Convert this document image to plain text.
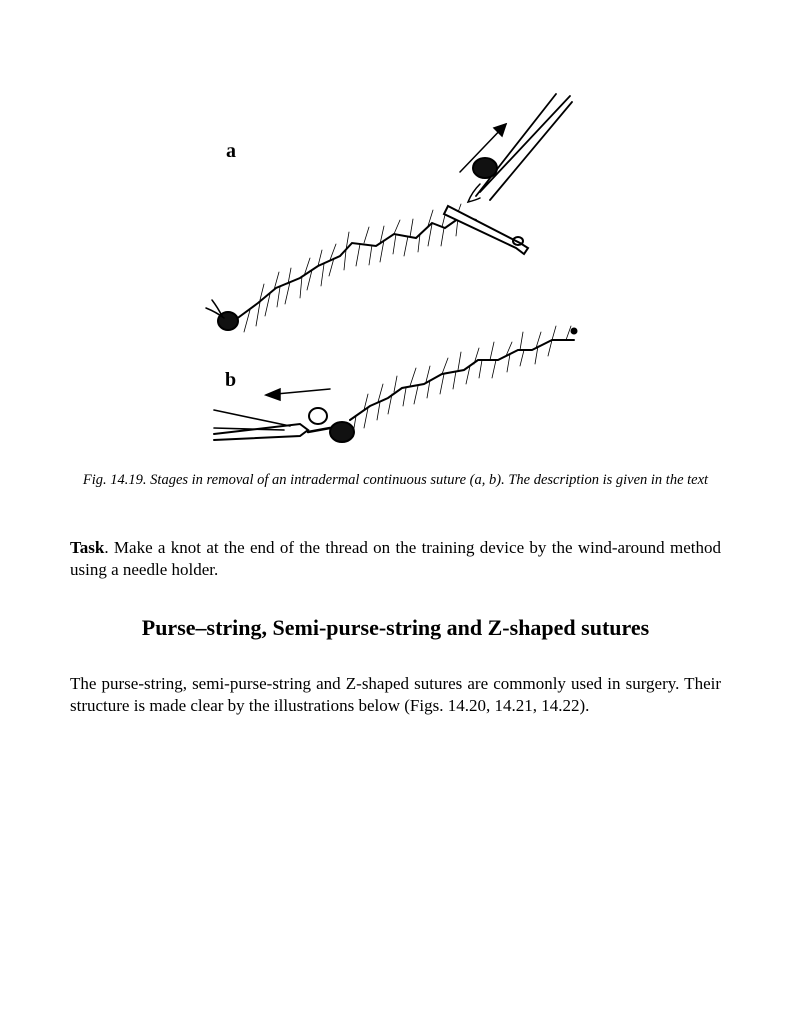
a
b
Fig. 14.19. Stages in removal of an intradermal continuous suture (a, b). The description is given in the text
Task. Make a knot at the end of the thread on the training device by the wind-around method using a needle holder.
Purse–string, Semi-purse-string and Z-shaped sutures
The purse-string, semi-purse-string and Z-shaped sutures are commonly used in surgery. Their structure is made clear by the illustrations below (Figs. 14.20, 14.21, 14.22).
